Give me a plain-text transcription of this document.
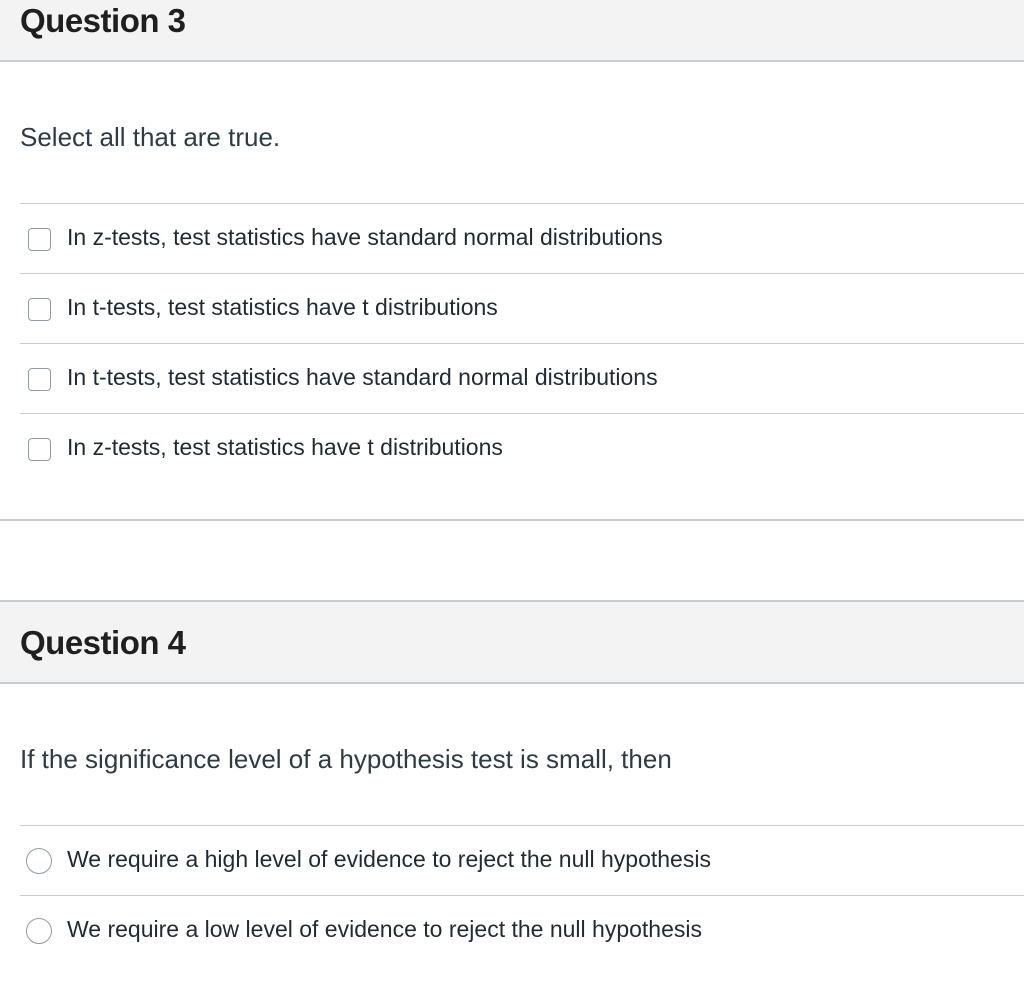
Question 3
Select all that are true.
In z-tests, test statistics have standard normal distributions
In t-tests, test statistics have t distributions
In t-tests, test statistics have standard normal distributions
In z-tests, test statistics have t distributions
Question 4
If the significance level of a hypothesis test is small, then
We require a high level of evidence to reject the null hypothesis
We require a low level of evidence to reject the null hypothesis
